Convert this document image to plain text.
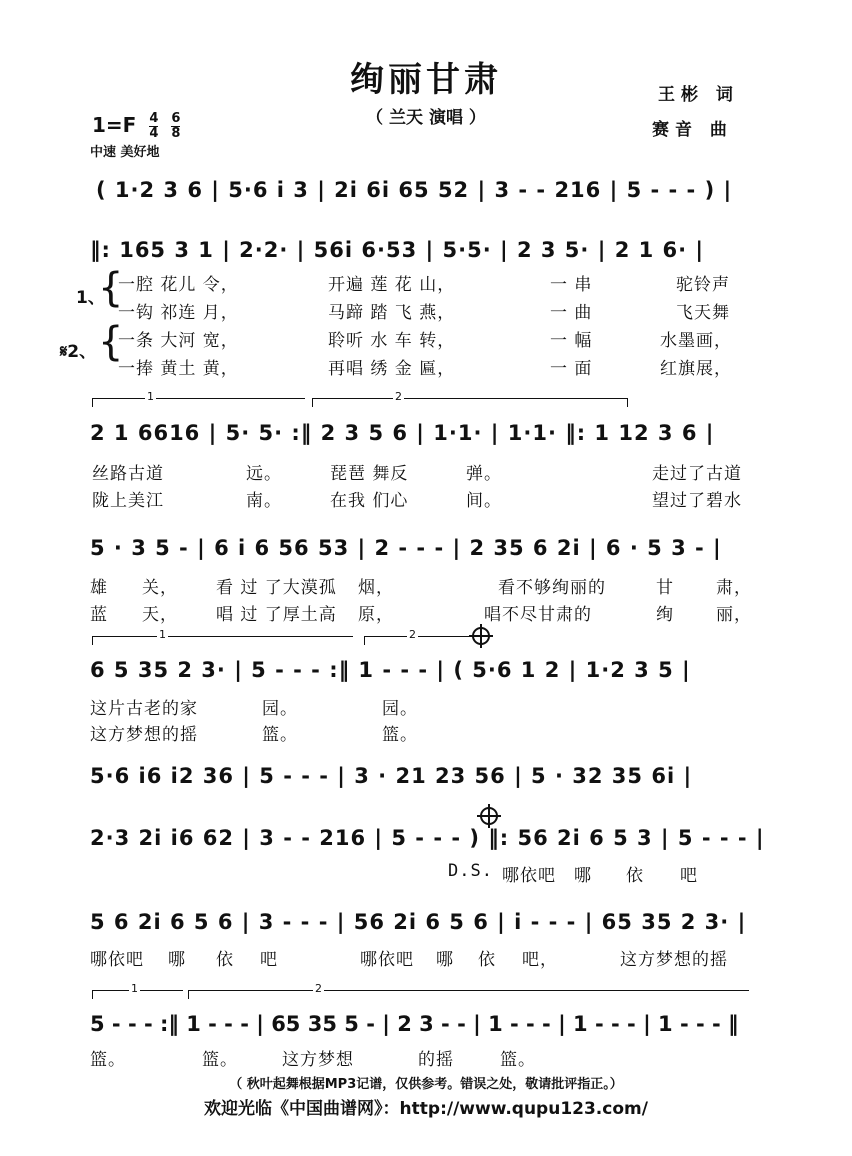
绚丽甘肃
（ 兰天 演唱 ）
王彬 词
赛音 曲
$1=F \frac{4}{4}$
$\frac{6}{8}$
中速 美好地
( 1·2 3 6 | 5·6 i 3 | 2i 6i 65 52 | 3 - - 216 | 5 - - - ) |
‖: 165 3 1 | 2·2· | 56i 6·53 | 5·5· | 2 3 5· | 2 1 6· |
1、
{
𝄋2、 {
一腔 花儿 令，	开遍 莲 花 山，	一 串	驼铃声
一钩 祁连 月，	马蹄 踏 飞 燕，	一 曲	飞天舞
一条 大河 宽，	聆听 水 车 转，	一 幅	水墨画，
一捧 黄土 黄，	再唱 绣 金 匾，	一 面	红旗展，
1	2
2 1 6616 | 5· 5· :‖ 2 3 5 6 | 1·1· | 1·1· ‖: 1 12 3 6 |
丝路古道	远。	琵琶 舞反	弹。	走过了古道
陇上美江	南。	在我 们心	间。	望过了碧水
5 · 3 5 - | 6 i 6 56 53 | 2 - - - | 2 35 6 2i | 6 · 5 3 - |
雄 关， 看 过 了大漠孤 烟，	看不够绚丽的	甘 肃，
蓝 天， 唱 过 了厚土高 原，	唱不尽甘肃的	绚 丽，
1	2
6 5 35 2 3· | 5 - - - :‖ 1 - - - | ( 5·6 1 2 | 1·2 3 5 |
这片古老的家	园。	园。
这方梦想的摇	篮。	篮。
5·6 i6 i2 36 | 5 - - - | 3 · 21 23 56 | 5 · 32 35 6i |
2·3 2i i6 62 | 3 - - 216 | 5 - - - ) ‖: 56 2i 6 5 3 | 5 - - - |
D.S. 哪依吧 哪 依 吧
5 6 2i 6 5 6 | 3 - - - | 56 2i 6 5 6 | i - - - | 65 35 2 3· |
哪依吧 哪 依 吧	哪依吧 哪 依 吧，	这方梦想的摇
1	2
5 - - - :‖ 1 - - - | 65 35 5 - | 2 3 - - | 1 - - - | 1 - - - | 1 - - - ‖
篮。	篮。	这方梦想	的摇	篮。
（ 秋叶起舞根据MP3记谱，仅供参考。错误之处，敬请批评指正。）
欢迎光临《中国曲谱网》：http://www.qupu123.com/
